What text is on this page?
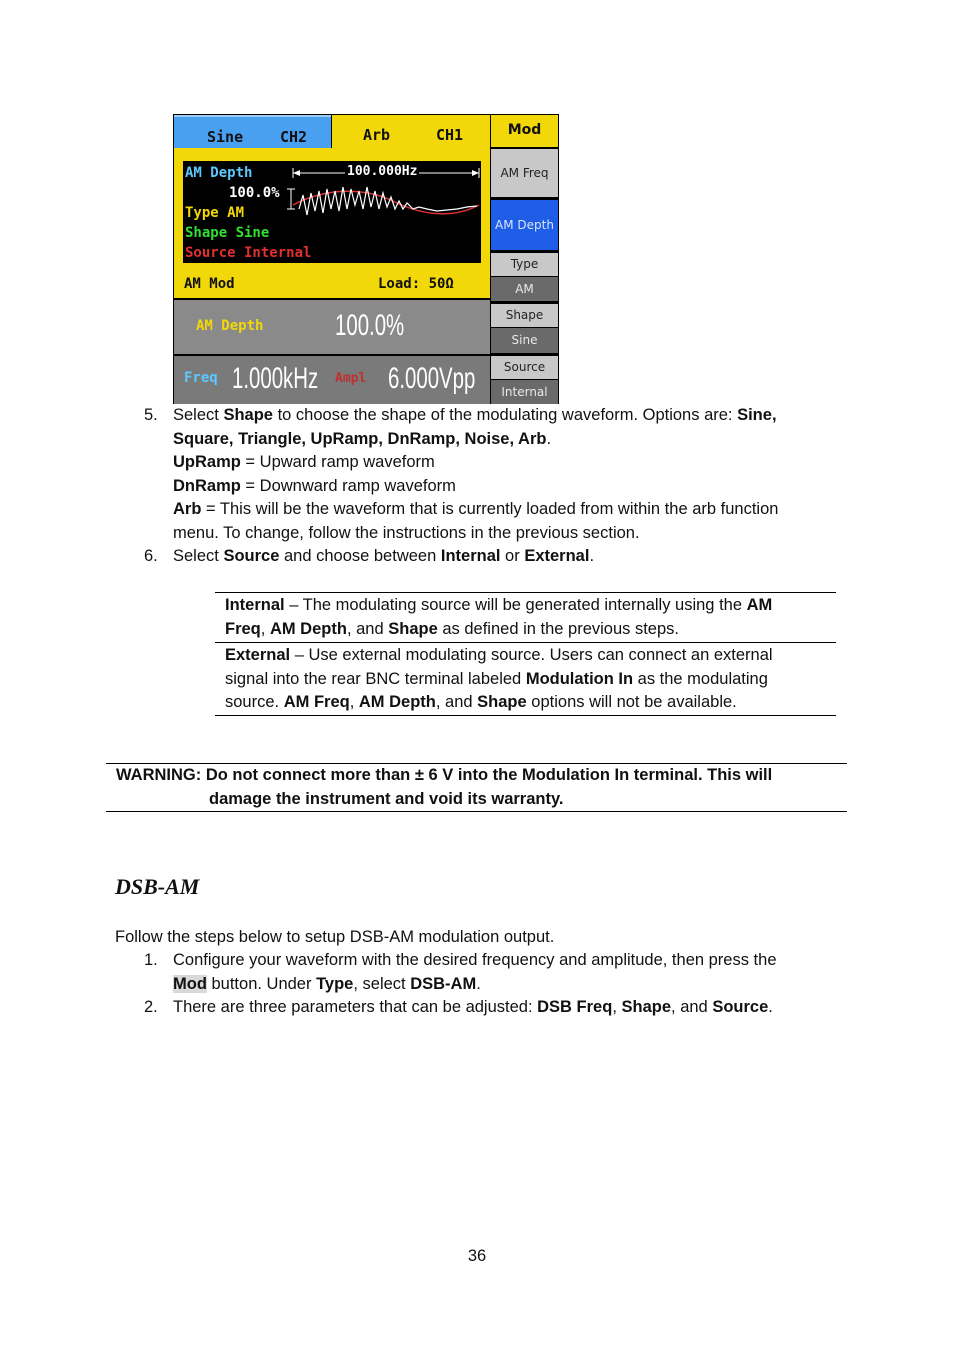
Sine CH2	Arb	CH1
AM Depth	100.000Hz
100.0%
Type AM
Shape Sine
Source Internal
AM Mod	Load: 50Ω
AM Depth 100.0%
Freq 1.000kHz Ampl 6.000Vpp
Mod
AM Freq
AM Depth
Type
AM
Shape
Sine
Source
Internal
5. Select Shape to choose the shape of the modulating waveform. Options are: Sine,
Square, Triangle, UpRamp, DnRamp, Noise, Arb.
UpRamp = Upward ramp waveform
DnRamp = Downward ramp waveform
Arb = This will be the waveform that is currently loaded from within the arb function
menu. To change, follow the instructions in the previous section.
6. Select Source and choose between Internal or External.
Internal – The modulating source will be generated internally using the AM
Freq, AM Depth, and Shape as defined in the previous steps.
External – Use external modulating source. Users can connect an external
signal into the rear BNC terminal labeled Modulation In as the modulating
source. AM Freq, AM Depth, and Shape options will not be available.
WARNING: Do not connect more than ± 6 V into the Modulation In terminal. This will
damage the instrument and void its warranty.
DSB-AM
Follow the steps below to setup DSB-AM modulation output.
1. Configure your waveform with the desired frequency and amplitude, then press the
Mod button. Under Type, select DSB-AM.
2. There are three parameters that can be adjusted: DSB Freq, Shape, and Source.
36
